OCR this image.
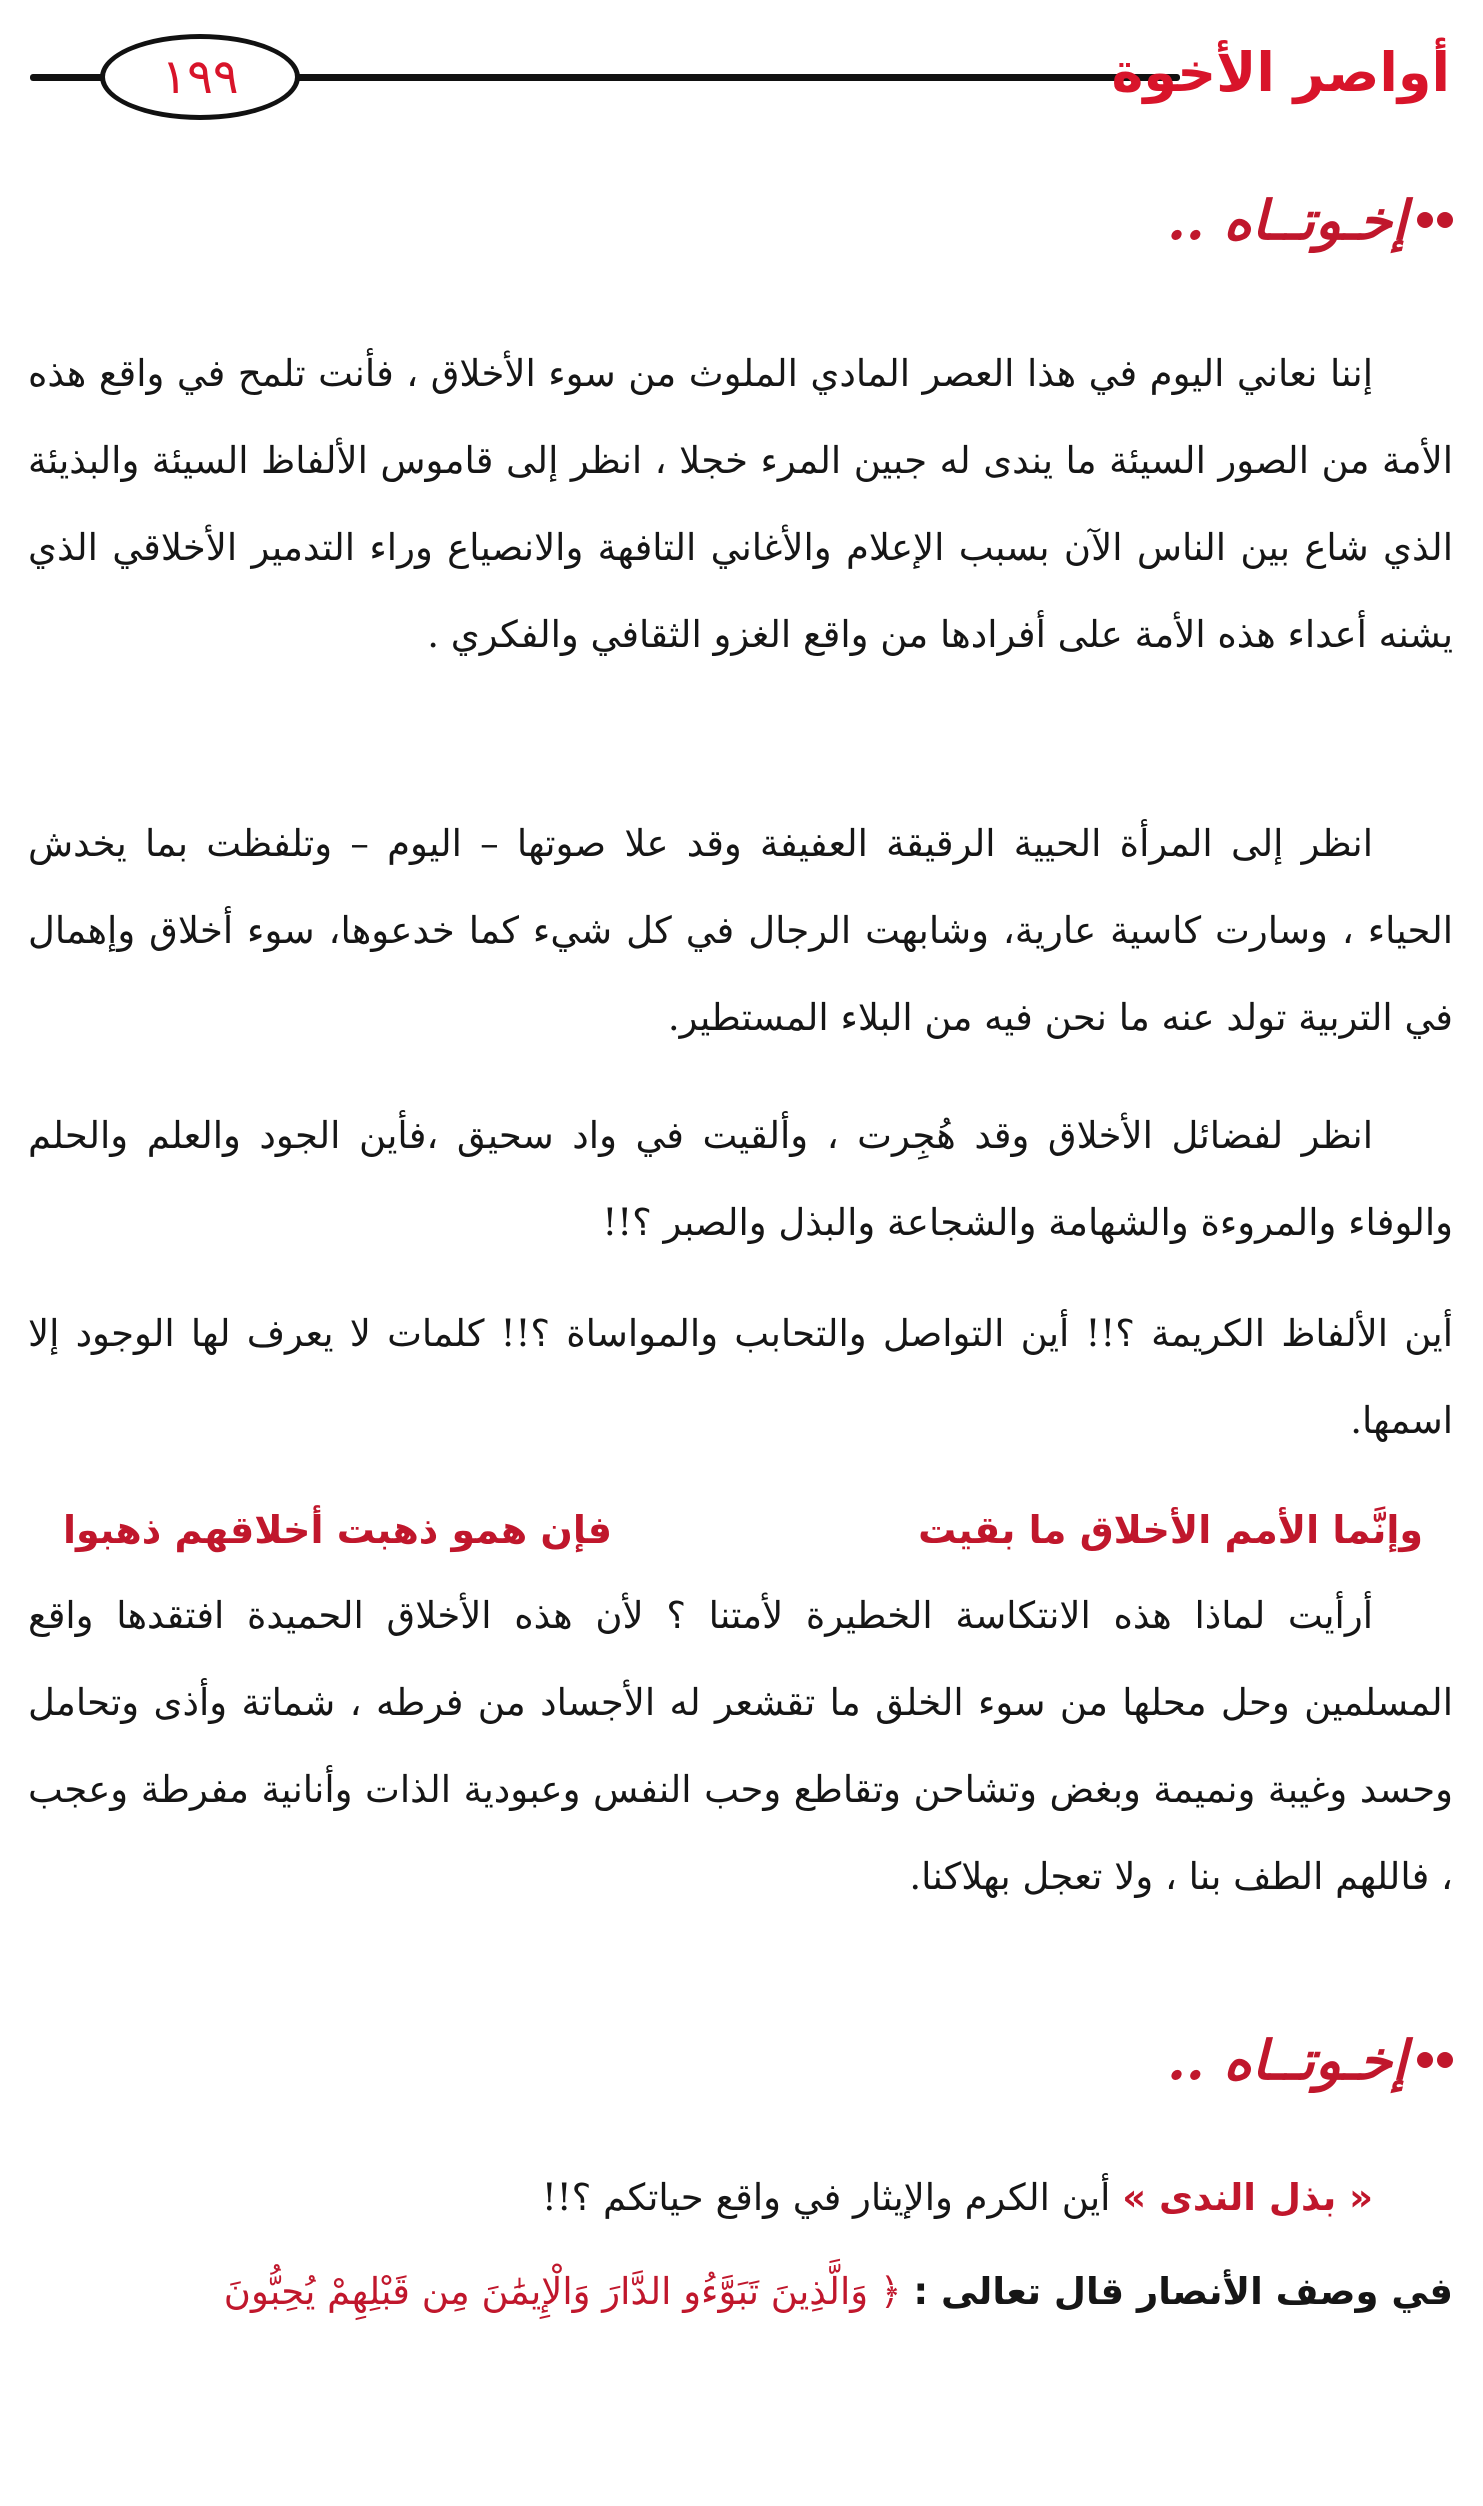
١٩٩	أواصر الأخوة
إخـوتــاه ..
إننا نعاني اليوم في هذا العصر المادي الملوث من سوء الأخلاق ، فأنت تلمح في واقع هذه الأمة من الصور السيئة ما يندى له جبين المرء خجلا ، انظر إلى قاموس الألفاظ السيئة والبذيئة الذي شاع بين الناس الآن بسبب الإعلام والأغاني التافهة والانصياع وراء التدمير الأخلاقي الذي يشنه أعداء هذه الأمة على أفرادها من واقع الغزو الثقافي والفكري .
انظر إلى المرأة الحيية الرقيقة العفيفة وقد علا صوتها – اليوم – وتلفظت بما يخدش الحياء ، وسارت كاسية عارية، وشابهت الرجال في كل شيء كما خدعوها، سوء أخلاق وإهمال في التربية تولد عنه ما نحن فيه من البلاء المستطير.
انظر لفضائل الأخلاق وقد هُجِرت ، وألقيت في واد سحيق ،فأين الجود والعلم والحلم والوفاء والمروءة والشهامة والشجاعة والبذل والصبر ؟!!
أين الألفاظ الكريمة ؟!! أين التواصل والتحابب والمواساة ؟!! كلمات لا يعرف لها الوجود إلا اسمها.
وإنَّما الأمم الأخلاق ما بقيت
فإن همو ذهبت أخلاقهم ذهبوا
أرأيت لماذا هذه الانتكاسة الخطيرة لأمتنا ؟ لأن هذه الأخلاق الحميدة افتقدها واقع المسلمين وحل محلها من سوء الخلق ما تقشعر له الأجساد من فرطه ، شماتة وأذى وتحامل وحسد وغيبة ونميمة وبغض وتشاحن وتقاطع وحب النفس وعبودية الذات وأنانية مفرطة وعجب ، فاللهم الطف بنا ، ولا تعجل بهلاكنا.
إخـوتــاه ..
« بذل الندى » أين الكرم والإيثار في واقع حياتكم ؟!!
في وصف الأنصار قال تعالى : ﴿ وَالَّذِينَ تَبَوَّءُو الدَّارَ وَالْإِيمَٰنَ مِن قَبْلِهِمْ يُحِبُّونَ
